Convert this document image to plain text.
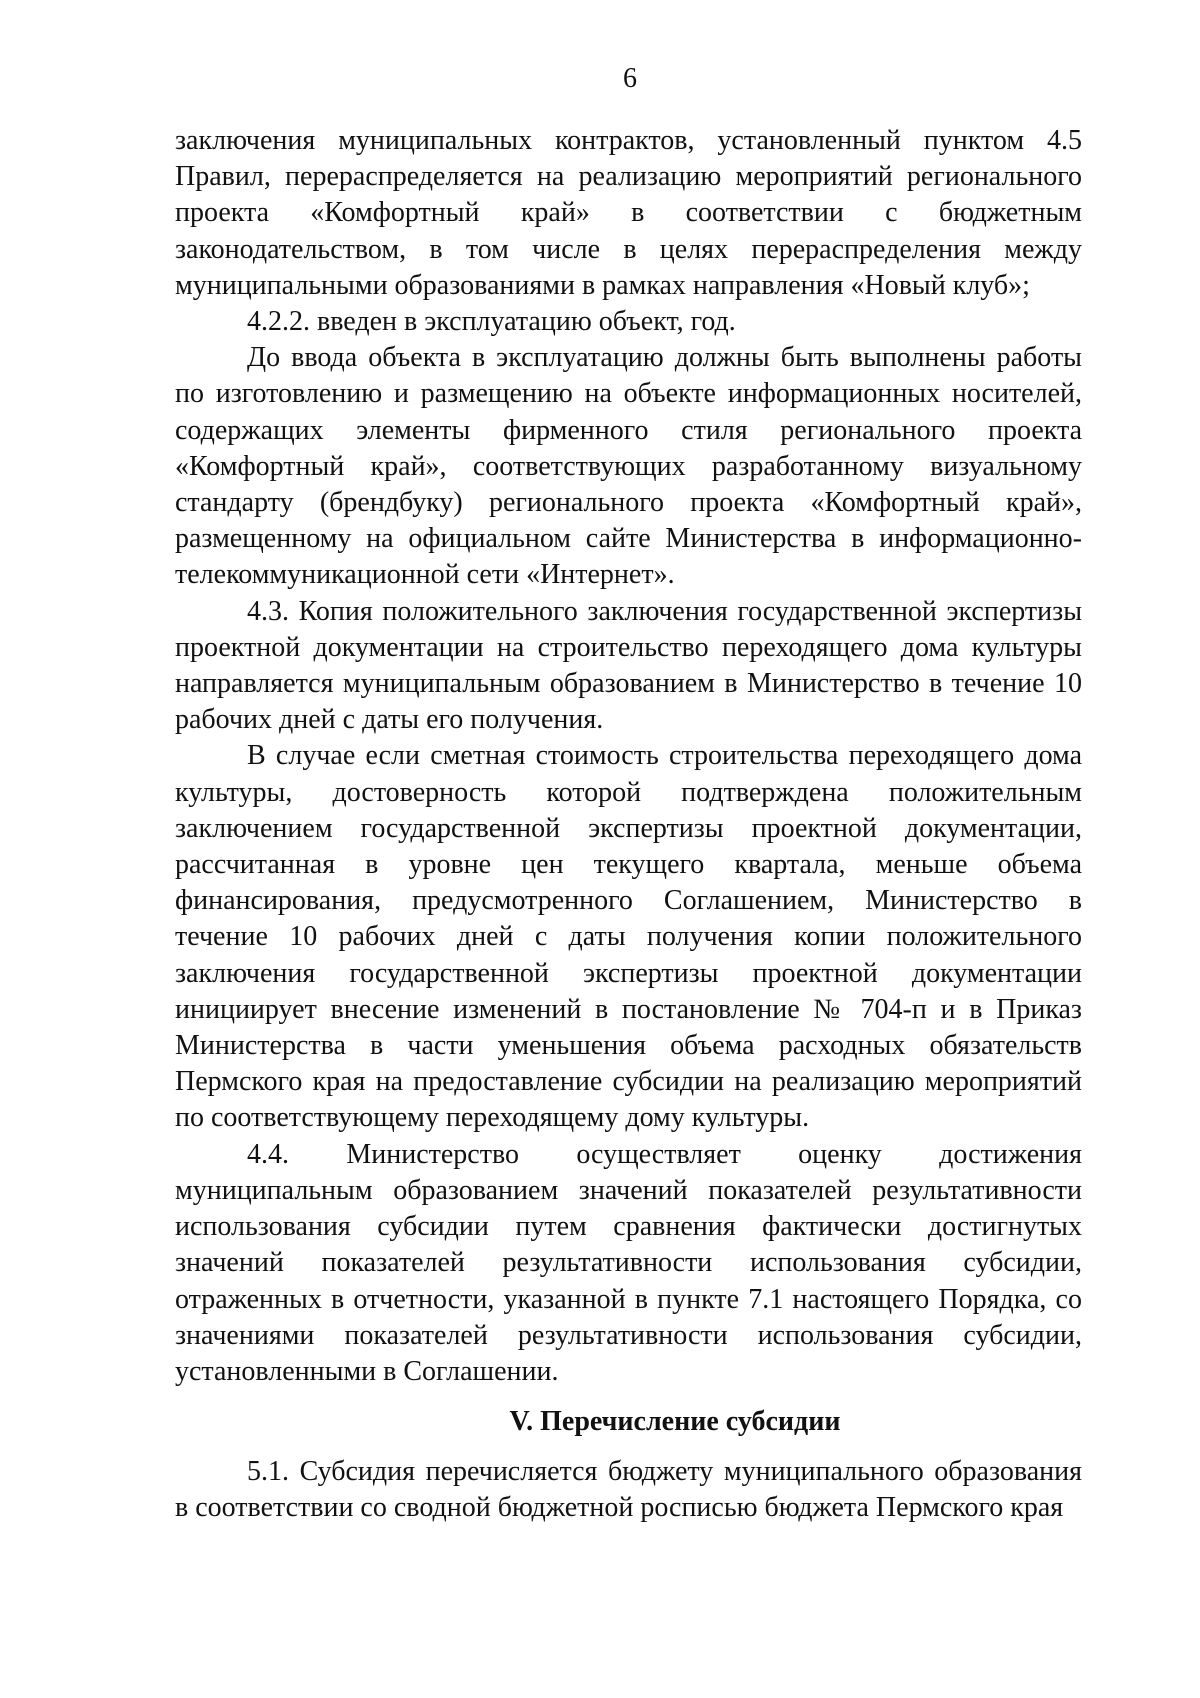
6

заключения муниципальных контрактов, установленный пунктом 4.5 Правил, перераспределяется на реализацию мероприятий регионального проекта «Комфортный край» в соответствии с бюджетным законодательством, в том числе в целях перераспределения между муниципальными образованиями в рамках направления «Новый клуб»;

4.2.2. введен в эксплуатацию объект, год.

До ввода объекта в эксплуатацию должны быть выполнены работы по изготовлению и размещению на объекте информационных носителей, содержащих элементы фирменного стиля регионального проекта «Комфортный край», соответствующих разработанному визуальному стандарту (брендбуку) регионального проекта «Комфортный край», размещенному на официальном сайте Министерства в информационно-телекоммуникационной сети «Интернет».

4.3. Копия положительного заключения государственной экспертизы проектной документации на строительство переходящего дома культуры направляется муниципальным образованием в Министерство в течение 10 рабочих дней с даты его получения.

В случае если сметная стоимость строительства переходящего дома культуры, достоверность которой подтверждена положительным заключением государственной экспертизы проектной документации, рассчитанная в уровне цен текущего квартала, меньше объема финансирования, предусмотренного Соглашением, Министерство в течение 10 рабочих дней с даты получения копии положительного заключения государственной экспертизы проектной документации инициирует внесение изменений в постановление № 704-п и в Приказ Министерства в части уменьшения объема расходных обязательств Пермского края на предоставление субсидии на реализацию мероприятий по соответствующему переходящему дому культуры.

4.4. Министерство осуществляет оценку достижения муниципальным образованием значений показателей результативности использования субсидии путем сравнения фактически достигнутых значений показателей результативности использования субсидии, отраженных в отчетности, указанной в пункте 7.1 настоящего Порядка, со значениями показателей результативности использования субсидии, установленными в Соглашении.

V. Перечисление субсидии

5.1. Субсидия перечисляется бюджету муниципального образования в соответствии со сводной бюджетной росписью бюджета Пермского края
